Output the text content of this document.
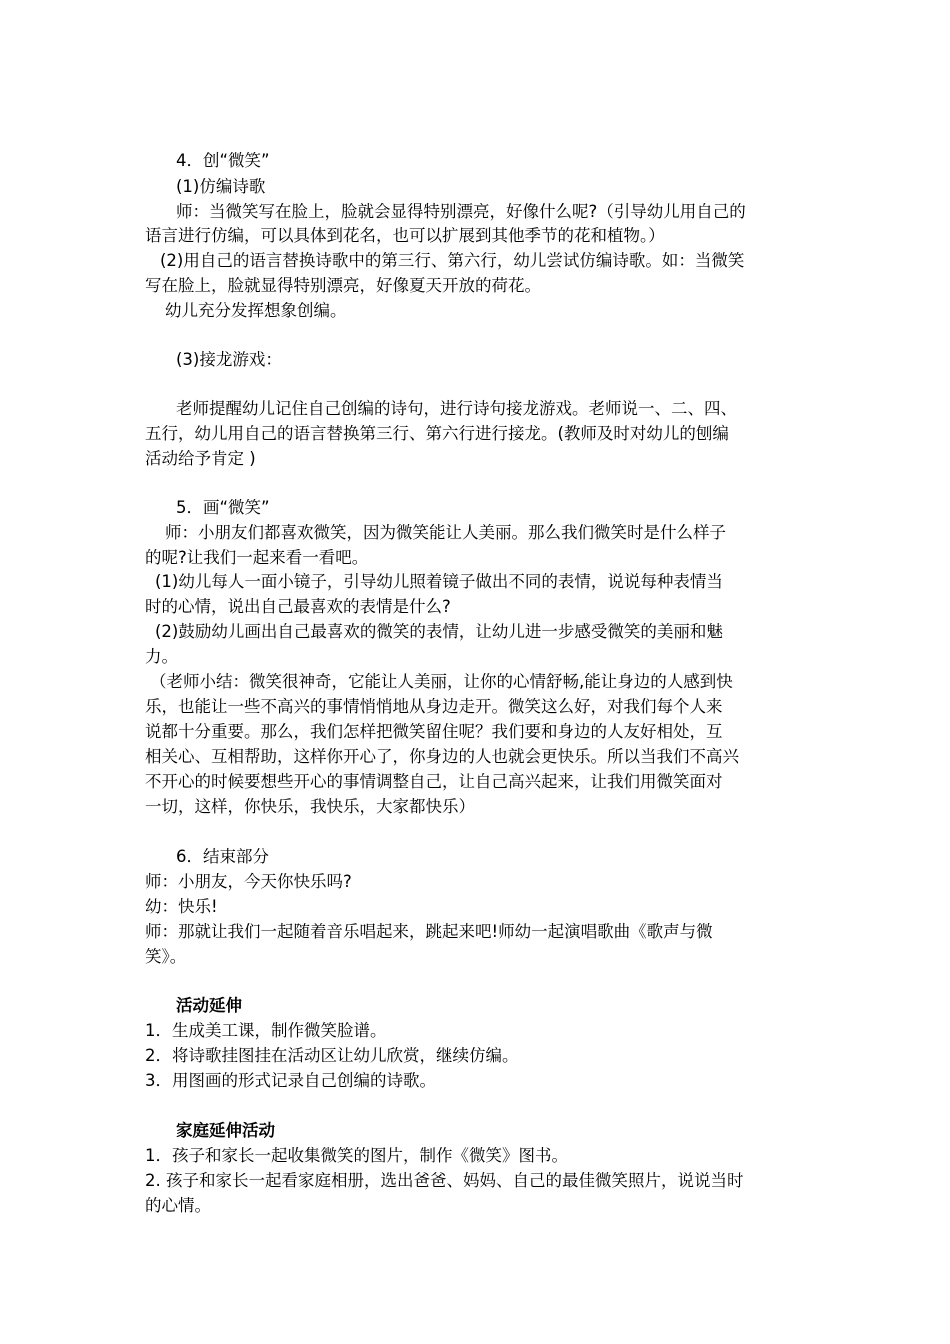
4．创“微笑”
(1)仿编诗歌
师：当微笑写在脸上，脸就会显得特别漂亮，好像什么呢?（引导幼儿用自己的
语言进行仿编，可以具体到花名，也可以扩展到其他季节的花和植物。）
(2)用自己的语言替换诗歌中的第三行、第六行，幼儿尝试仿编诗歌。如：当微笑
写在脸上，脸就显得特别漂亮，好像夏天开放的荷花。
幼儿充分发挥想象创编。
(3)接龙游戏：
老师提醒幼儿记住自己创编的诗句，进行诗句接龙游戏。老师说一、二、四、
五行，幼儿用自己的语言替换第三行、第六行进行接龙。(教师及时对幼儿的刨编
活动给予肯定 )
5．画“微笑”
师：小朋友们都喜欢微笑，因为微笑能让人美丽。那么我们微笑时是什么样子
的呢?让我们一起来看一看吧。
(1)幼儿每人一面小镜子，引导幼儿照着镜子做出不同的表情，说说每种表情当
时的心情，说出自己最喜欢的表情是什么?
(2)鼓励幼儿画出自己最喜欢的微笑的表情，让幼儿进一步感受微笑的美丽和魅
力。
（老师小结：微笑很神奇，它能让人美丽，让你的心情舒畅,能让身边的人感到快
乐，也能让一些不高兴的事情悄悄地从身边走开。微笑这么好，对我们每个人来
说都十分重要。那么，我们怎样把微笑留住呢？我们要和身边的人友好相处，互
相关心、互相帮助，这样你开心了，你身边的人也就会更快乐。所以当我们不高兴
不开心的时候要想些开心的事情调整自己，让自己高兴起来，让我们用微笑面对
一切，这样，你快乐，我快乐，大家都快乐）
6．结束部分
师：小朋友，今天你快乐吗?
幼：快乐!
师：那就让我们一起随着音乐唱起来，跳起来吧!师幼一起演唱歌曲《歌声与微
笑》。
活动延伸
1．生成美工课，制作微笑脸谱。
2．将诗歌挂图挂在活动区让幼儿欣赏，继续仿编。
3．用图画的形式记录自己创编的诗歌。
家庭延伸活动
1．孩子和家长一起收集微笑的图片，制作《微笑》图书。
2. 孩子和家长一起看家庭相册，选出爸爸、妈妈、自己的最佳微笑照片，说说当时
的心情。
